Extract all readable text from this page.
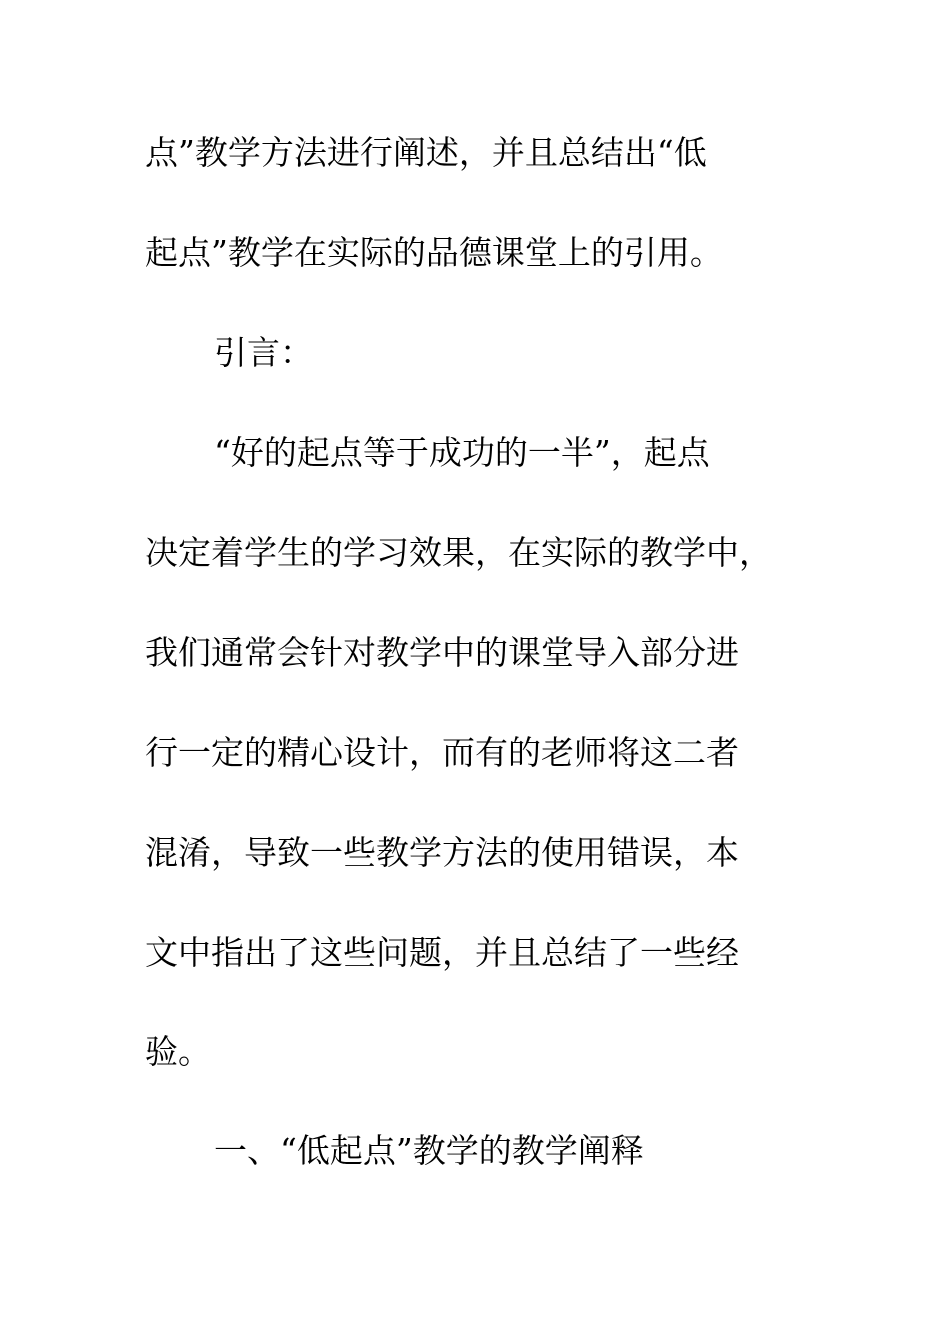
点”教学方法进行阐述，并且总结出“低
起点”教学在实际的品德课堂上的引用。
引言：
“好的起点等于成功的一半”，起点
决定着学生的学习效果，在实际的教学中，
我们通常会针对教学中的课堂导入部分进
行一定的精心设计，而有的老师将这二者
混淆，导致一些教学方法的使用错误，本
文中指出了这些问题，并且总结了一些经
验。
一、“低起点”教学的教学阐释
